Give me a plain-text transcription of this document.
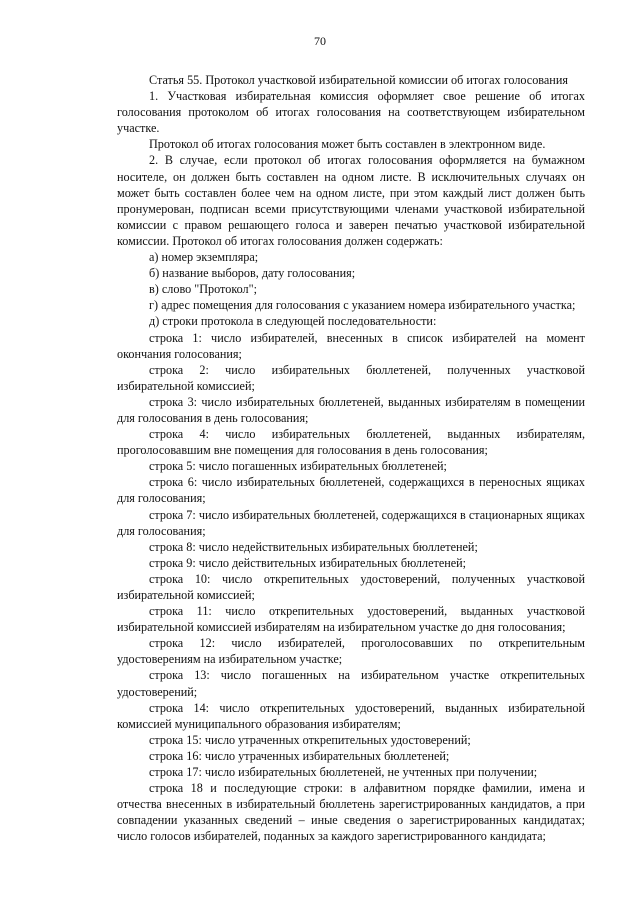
70

Статья 55. Протокол участковой избирательной комиссии об итогах голосования

1. Участковая избирательная комиссия оформляет свое решение об итогах голосования протоколом об итогах голосования на соответствующем избирательном участке.

Протокол об итогах голосования может быть составлен в электронном виде.

2. В случае, если протокол об итогах голосования оформляется на бумажном носителе, он должен быть составлен на одном листе. В исключительных случаях он может быть составлен более чем на одном листе, при этом каждый лист должен быть пронумерован, подписан всеми присутствующими членами участковой избирательной комиссии с правом решающего голоса и заверен печатью участковой избирательной комиссии. Протокол об итогах голосования должен содержать:

а) номер экземпляра;

б) название выборов, дату голосования;

в) слово "Протокол";

г) адрес помещения для голосования с указанием номера избирательного участка;

д) строки протокола в следующей последовательности:

строка 1: число избирателей, внесенных в список избирателей на момент окончания голосования;

строка 2: число избирательных бюллетеней, полученных участковой избирательной комиссией;

строка 3: число избирательных бюллетеней, выданных избирателям в помещении для голосования в день голосования;

строка 4: число избирательных бюллетеней, выданных избирателям, проголосовавшим вне помещения для голосования в день голосования;

строка 5: число погашенных избирательных бюллетеней;

строка 6: число избирательных бюллетеней, содержащихся в переносных ящиках для голосования;

строка 7: число избирательных бюллетеней, содержащихся в стационарных ящиках для голосования;

строка 8: число недействительных избирательных бюллетеней;

строка 9: число действительных избирательных бюллетеней;

строка 10: число открепительных удостоверений, полученных участковой избирательной комиссией;

строка 11: число открепительных удостоверений, выданных участковой избирательной комиссией избирателям на избирательном участке до дня голосования;

строка 12: число избирателей, проголосовавших по открепительным удостоверениям на избирательном участке;

строка 13: число погашенных на избирательном участке открепительных удостоверений;

строка 14: число открепительных удостоверений, выданных избирательной комиссией муниципального образования избирателям;

строка 15: число утраченных открепительных удостоверений;

строка 16: число утраченных избирательных бюллетеней;

строка 17: число избирательных бюллетеней, не учтенных при получении;

строка 18 и последующие строки: в алфавитном порядке фамилии, имена и отчества внесенных в избирательный бюллетень зарегистрированных кандидатов, а при совпадении указанных сведений – иные сведения о зарегистрированных кандидатах; число голосов избирателей, поданных за каждого зарегистрированного кандидата;
